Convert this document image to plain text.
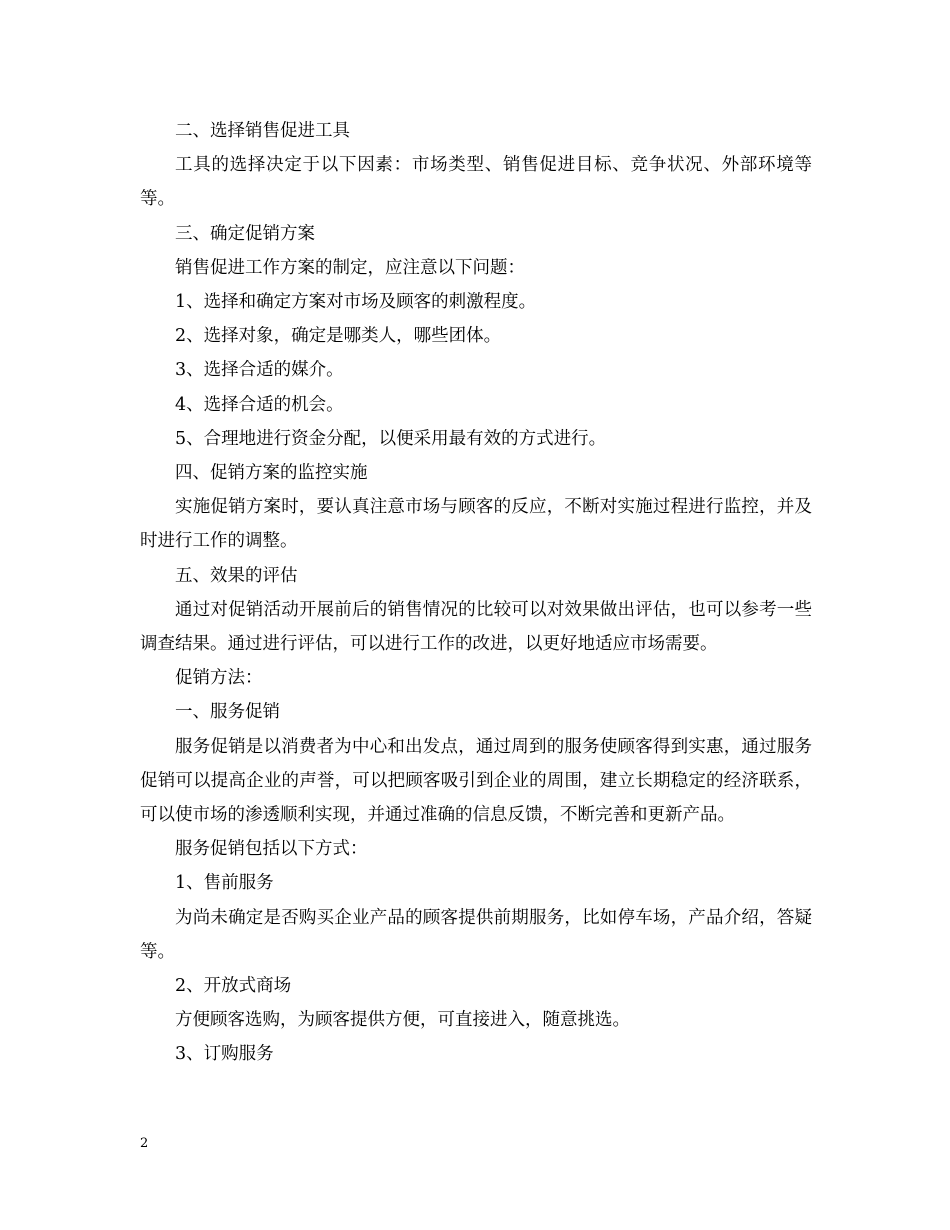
二、选择销售促进工具

工具的选择决定于以下因素：市场类型、销售促进目标、竞争状况、外部环境等等。

三、确定促销方案

销售促进工作方案的制定，应注意以下问题：

1、选择和确定方案对市场及顾客的刺激程度。

2、选择对象，确定是哪类人，哪些团体。

3、选择合适的媒介。

4、选择合适的机会。

5、合理地进行资金分配，以便采用最有效的方式进行。

四、促销方案的监控实施

实施促销方案时，要认真注意市场与顾客的反应，不断对实施过程进行监控，并及时进行工作的调整。

五、效果的评估

通过对促销活动开展前后的销售情况的比较可以对效果做出评估，也可以参考一些调查结果。通过进行评估，可以进行工作的改进，以更好地适应市场需要。

促销方法：

一、服务促销

服务促销是以消费者为中心和出发点，通过周到的服务使顾客得到实惠，通过服务促销可以提高企业的声誉，可以把顾客吸引到企业的周围，建立长期稳定的经济联系，可以使市场的渗透顺利实现，并通过准确的信息反馈，不断完善和更新产品。

服务促销包括以下方式：

1、售前服务

为尚未确定是否购买企业产品的顾客提供前期服务，比如停车场，产品介绍，答疑等。

2、开放式商场

方便顾客选购，为顾客提供方便，可直接进入，随意挑选。

3、订购服务

2
